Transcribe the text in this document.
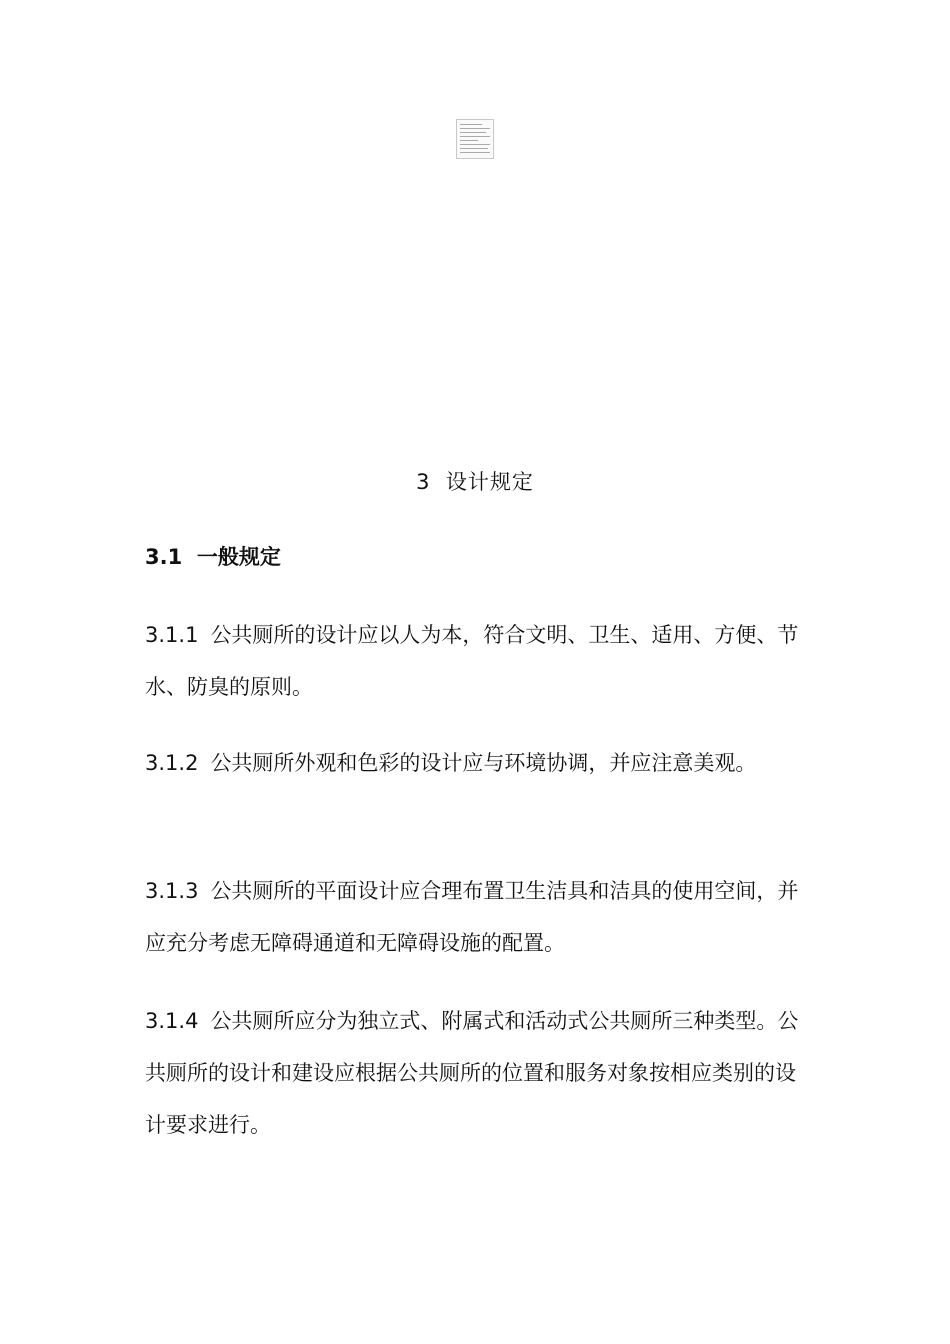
3 设计规定
3.1 一般规定

3.1.1 公共厕所的设计应以人为本，符合文明、卫生、适用、方便、节水、防臭的原则。

3.1.2 公共厕所外观和色彩的设计应与环境协调，并应注意美观。

3.1.3 公共厕所的平面设计应合理布置卫生洁具和洁具的使用空间，并应充分考虑无障碍通道和无障碍设施的配置。

3.1.4 公共厕所应分为独立式、附属式和活动式公共厕所三种类型。公共厕所的设计和建设应根据公共厕所的位置和服务对象按相应类别的设计要求进行。
